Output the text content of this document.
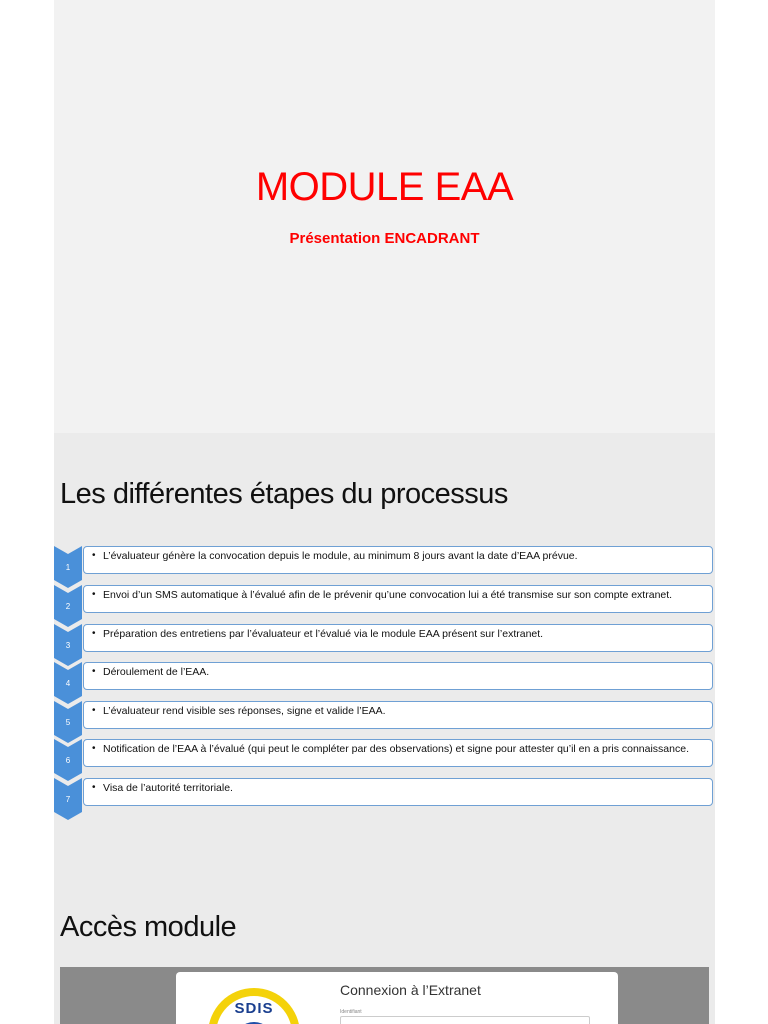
MODULE EAA

Présentation ENCADRANT

Les différentes étapes du processus
1
• L’évaluateur génère la convocation depuis le module, au minimum 8 jours avant la date d’EAA prévue.
2
• Envoi d’un SMS automatique à l’évalué afin de le prévenir qu’une convocation lui a été transmise sur son compte extranet.
3
• Préparation des entretiens par l’évaluateur et l’évalué via le module EAA présent sur l’extranet.
4
• Déroulement de l’EAA.
5
• L’évaluateur rend visible ses réponses, signe et valide l’EAA.
6
• Notification de l’EAA à l’évalué (qui peut le compléter par des observations) et signe pour attester qu’il en a pris connaissance.
7
• Visa de l’autorité territoriale.
Accès module
SDIS
Connexion à l’Extranet
Identifiant
